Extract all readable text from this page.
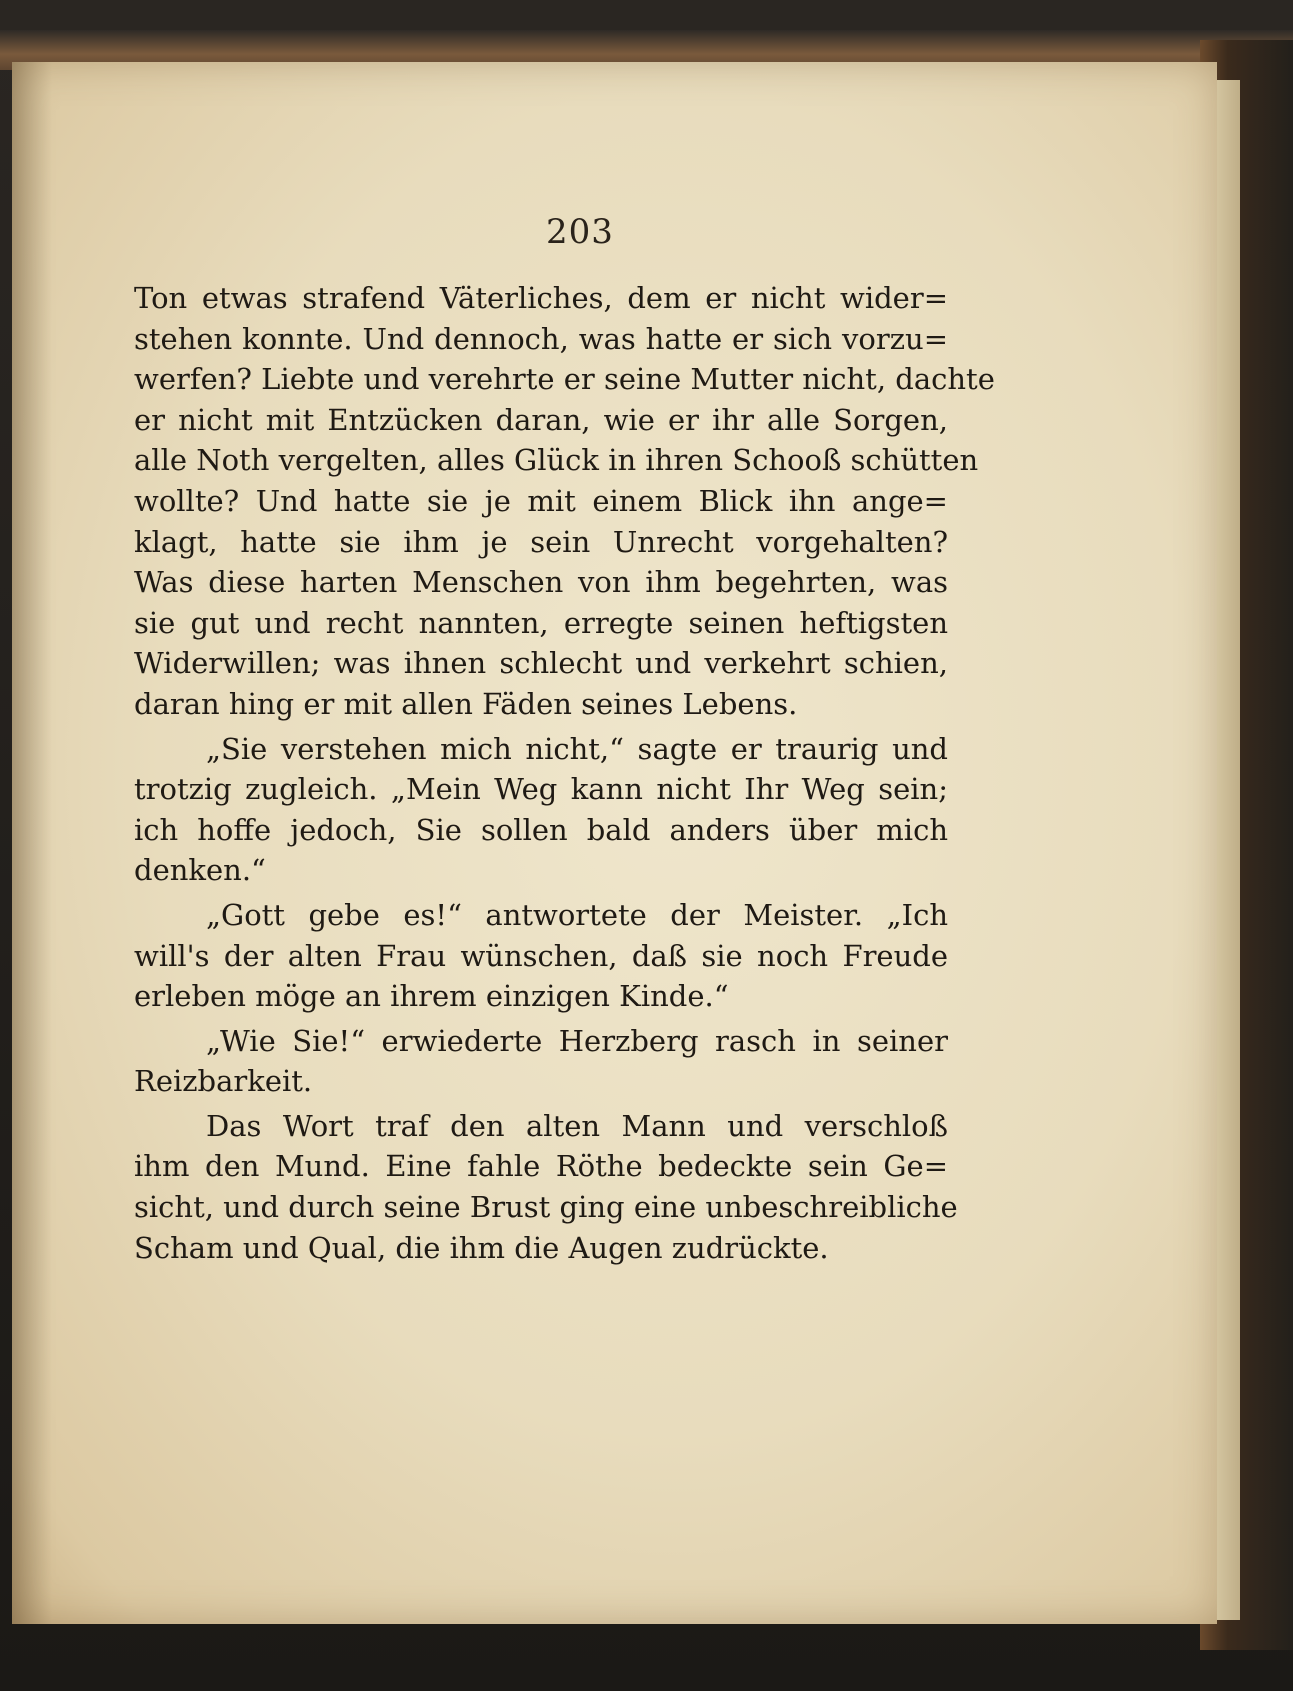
203
Ton etwas strafend Väterliches, dem er nicht wider=
stehen konnte. Und dennoch, was hatte er sich vorzu=
werfen? Liebte und verehrte er seine Mutter nicht, dachte
er nicht mit Entzücken daran, wie er ihr alle Sorgen,
alle Noth vergelten, alles Glück in ihren Schooß schütten
wollte? Und hatte sie je mit einem Blick ihn ange=
klagt, hatte sie ihm je sein Unrecht vorgehalten?
Was diese harten Menschen von ihm begehrten, was
sie gut und recht nannten, erregte seinen heftigsten
Widerwillen; was ihnen schlecht und verkehrt schien,
daran hing er mit allen Fäden seines Lebens.
„Sie verstehen mich nicht,“ sagte er traurig und
trotzig zugleich. „Mein Weg kann nicht Ihr Weg sein;
ich hoffe jedoch, Sie sollen bald anders über mich
denken.“
„Gott gebe es!“ antwortete der Meister. „Ich
will's der alten Frau wünschen, daß sie noch Freude
erleben möge an ihrem einzigen Kinde.“
„Wie Sie!“ erwiederte Herzberg rasch in seiner
Reizbarkeit.
Das Wort traf den alten Mann und verschloß
ihm den Mund. Eine fahle Röthe bedeckte sein Ge=
sicht, und durch seine Brust ging eine unbeschreibliche
Scham und Qual, die ihm die Augen zudrückte.
